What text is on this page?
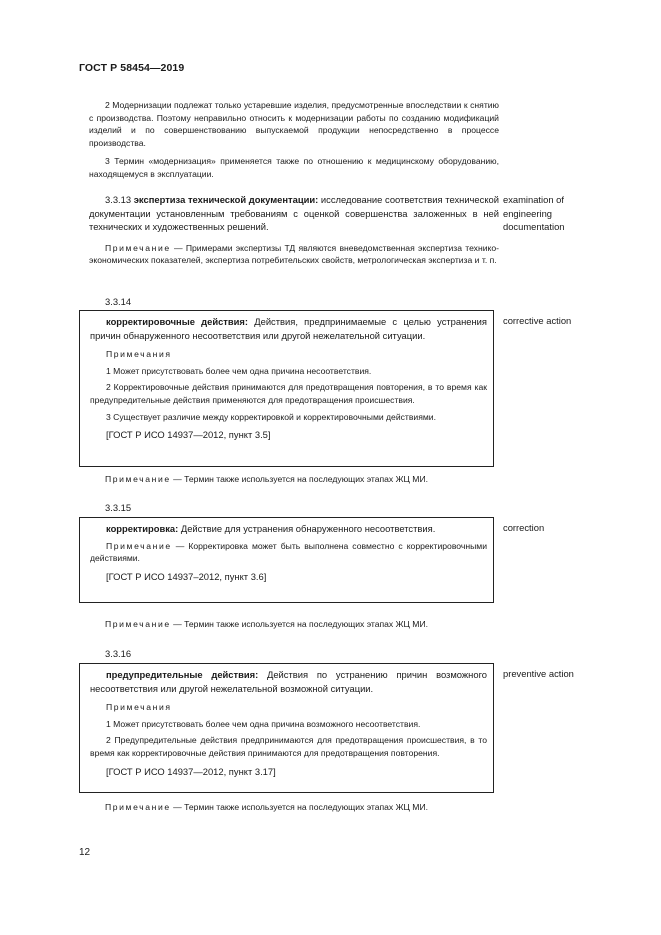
ГОСТ Р 58454—2019

2 Модернизации подлежат только устаревшие изделия, предусмотренные впоследствии к снятию с производства. Поэтому неправильно относить к модернизации работы по созданию модификаций изделий и по совершенствованию выпускаемой продукции непосредственно в процессе производства.

3 Термин «модернизация» применяется также по отношению к медицинскому оборудованию, находящемуся в эксплуатации.

3.3.13 экспертиза технической документации: исследование соответствия технической документации установленным требованиям с оценкой совершенства заложенных в ней технических и художественных решений.

Примечание — Примерами экспертизы ТД являются вневедомственная экспертиза технико-экономических показателей, экспертиза потребительских свойств, метрологическая экспертиза и т. п.

examination of engineering documentation
3.3.14

корректировочные действия: Действия, предпринимаемые с целью устранения причин обнаруженного несоответствия или другой нежелательной ситуации.

Примечания

1 Может присутствовать более чем одна причина несоответствия.

2 Корректировочные действия принимаются для предотвращения повторения, в то время как предупредительные действия применяются для предотвращения происшествия.

3 Существует различие между корректировкой и корректировочными действиями.

[ГОСТ Р ИСО 14937—2012, пункт 3.5]

corrective action
Примечание — Термин также используется на последующих этапах ЖЦ МИ.
3.3.15

корректировка: Действие для устранения обнаруженного несоответствия.

Примечание — Корректировка может быть выполнена совместно с корректировочными действиями.

[ГОСТ Р ИСО 14937–2012, пункт 3.6]

correction
Примечание — Термин также используется на последующих этапах ЖЦ МИ.
3.3.16

предупредительные действия: Действия по устранению причин возможного несоответствия или другой нежелательной возможной ситуации.

Примечания

1 Может присутствовать более чем одна причина возможного несоответствия.

2 Предупредительные действия предпринимаются для предотвращения происшествия, в то время как корректировочные действия принимаются для предотвращения повторения.

[ГОСТ Р ИСО 14937—2012, пункт 3.17]

preventive action
Примечание — Термин также используется на последующих этапах ЖЦ МИ.
12
